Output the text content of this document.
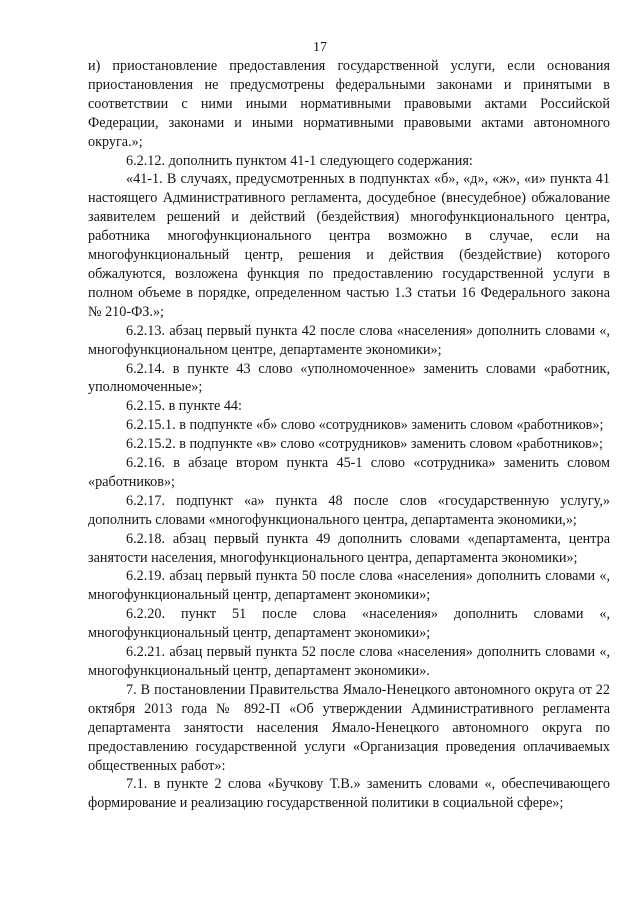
17

и) приостановление предоставления государственной услуги, если основания приостановления не предусмотрены федеральными законами и принятыми в соответствии с ними иными нормативными правовыми актами Российской Федерации, законами и иными нормативными правовыми актами автономного округа.»;

6.2.12. дополнить пунктом 41-1 следующего содержания:

«41-1. В случаях, предусмотренных в подпунктах «б», «д», «ж», «и» пункта 41 настоящего Административного регламента, досудебное (внесудебное) обжалование заявителем решений и действий (бездействия) многофункционального центра, работника многофункционального центра возможно в случае, если на многофункциональный центр, решения и действия (бездействие) которого обжалуются, возложена функция по предоставлению государственной услуги в полном объеме в порядке, определенном частью 1.3 статьи 16 Федерального закона № 210-ФЗ.»;

6.2.13. абзац первый пункта 42 после слова «населения» дополнить словами «, многофункциональном центре, департаменте экономики»;

6.2.14. в пункте 43 слово «уполномоченное» заменить словами «работник, уполномоченные»;

6.2.15. в пункте 44:

6.2.15.1. в подпункте «б» слово «сотрудников» заменить словом «работников»;

6.2.15.2. в подпункте «в» слово «сотрудников» заменить словом «работников»;

6.2.16. в абзаце втором пункта 45-1 слово «сотрудника» заменить словом «работников»;

6.2.17. подпункт «а» пункта 48 после слов «государственную услугу,» дополнить словами «многофункционального центра, департамента экономики,»;

6.2.18. абзац первый пункта 49 дополнить словами «департамента, центра занятости населения, многофункционального центра, департамента экономики»;

6.2.19. абзац первый пункта 50 после слова «населения» дополнить словами «, многофункциональный центр, департамент экономики»;

6.2.20. пункт 51 после слова «населения» дополнить словами «, многофункциональный центр, департамент экономики»;

6.2.21. абзац первый пункта 52 после слова «населения» дополнить словами «, многофункциональный центр, департамент экономики».

7. В постановлении Правительства Ямало-Ненецкого автономного округа от 22 октября 2013 года № 892-П «Об утверждении Административного регламента департамента занятости населения Ямало-Ненецкого автономного округа по предоставлению государственной услуги «Организация проведения оплачиваемых общественных работ»:

7.1. в пункте 2 слова «Бучкову Т.В.» заменить словами «, обеспечивающего формирование и реализацию государственной политики в социальной сфере»;
